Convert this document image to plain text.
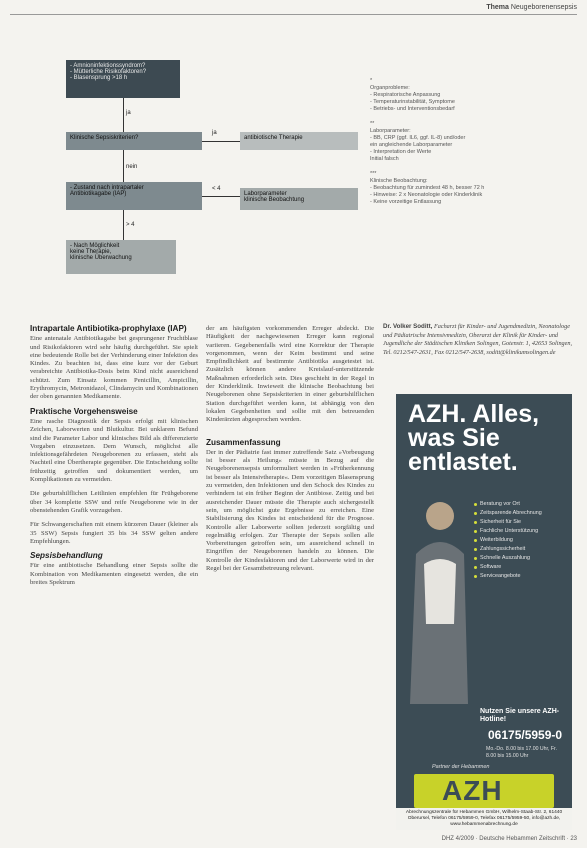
Thema Neugeborenensepsis
- Amnioninfektionssyndrom?
- Mütterliche Risikofaktoren?
- Blasensprung >18 h
ja
Klinische Sepsiskriterien?
ja
antibiotische Therapie
nein
- Zustand nach intrapartaler
Antibiotikagabe (IAP)
< 4
Laborparameter
klinische Beobachtung
> 4
- Nach Möglichkeit
keine Therapie,
klinische Überwachung
*
Organprobleme:
- Respiratorische Anpassung
- Temperaturinstabilität, Symptome
- Betriebs- und Interventionsbedarf
**
Laborparameter:
- BB, CRP (ggf. IL6, ggf. IL-8) und/oder
ein angleichende Laborparameter
- Interpretation der Werte
Initial falsch
***
Klinische Beobachtung:
- Beobachtung für zumindest 48 h, besser 72 h
- Hinweise: 2 x Neonatologie oder Kinderklinik
- Keine vorzeitige Entlassung
Intrapartale Antibiotika-prophylaxe (IAP)

Eine antenatale Antibiotikagabe bei gesprungener Fruchtblase und Risikofaktoren wird sehr häufig durchgeführt. Sie spielt eine bedeutende Rolle bei der Verhinderung einer Infektion des Kindes. Zu beachten ist, dass eine kurz vor der Geburt verabreichte Antibiotika-Dosis beim Kind nicht ausreichend schützt. Zum Einsatz kommen Penicillin, Ampicillin, Erythromycin, Metronidazol, Clindamycin und Kombinationen der oben genannten Medikamente.

Praktische Vorgehensweise

Eine rasche Diagnostik der Sepsis erfolgt mit klinischen Zeichen, Laborwerten und Blutkultur. Bei unklarem Befund sind die Parameter Labor und klinisches Bild als differenzierte Vorgaben einzusetzen. Dem Wunsch, möglichst alle infektionsgefährdeten Neugeborenen zu erfassen, steht als Nachteil eine Übertherapie gegenüber. Die Entscheidung sollte frühzeitig getroffen und dokumentiert werden, um Komplikationen zu vermeiden.

Die geburtshilflichen Leitlinien empfehlen für Frühgeborene über 34 komplette SSW und reife Neugeborene wie in der obenstehenden Grafik vorzugehen.

Für Schwangerschaften mit einem kürzeren Dauer (kleiner als 35 SSW) Sepsis fungiert 35 bis 34 SSW gelten andere Empfehlungen.

Sepsisbehandlung

Für eine antibiotische Behandlung einer Sepsis sollte die Kombination von Medikamenten eingesetzt werden, die ein breites Spektrum

der am häufigsten vorkommenden Erreger abdeckt. Die Häufigkeit der nachgewiesenen Erreger kann regional variieren. Gegebenenfalls wird eine Korrektur der Therapie vorgenommen, wenn der Keim bestimmt und seine Empfindlichkeit auf bestimmte Antibiotika ausgetestet ist. Zusätzlich können andere Kreislauf-unterstützende Maßnahmen erforderlich sein. Dies geschieht in der Regel in der Kinderklinik. Inwieweit die klinische Beobachtung bei Neugeborenen ohne Sepsiskriterien in einer geburtshilflichen Station durchgeführt werden kann, ist abhängig von den lokalen Gegebenheiten und sollte mit den betreuenden Kinderärzten abgesprochen werden.

Zusammenfassung

Der in der Pädiatrie fast immer zutreffende Satz »Vorbeugung ist besser als Heilung« müsste in Bezug auf die Neugeborenensepsis umformuliert werden in »Früherkennung ist besser als Intensivtherapie«. Dem vorzeitigen Blasensprung zu vermeiden, den Infektionen und den Schock des Kindes zu verhindern ist ein früher Beginn der Antibiose. Zeitig und bei ausreichender Dauer müsste die Therapie auch sichergestellt sein, um möglichst gute Ergebnisse zu erreichen. Eine Stabilisierung des Kindes ist entscheidend für die Prognose. Kontrolle aller Laborwerte sollten jederzeit sorgfältig und regelmäßig erfolgen. Zur Therapie der Sepsis sollen alle Vorbereitungen getroffen sein, um ausreichend schnell in Eingriffen der Neugeborenen handeln zu können. Die Kontrolle der Kindesfaktoren und der Laborwerte wird in der Regel bei der Gesamtbetreuung relevant.

Dr. Volker Soditt, Facharzt für Kinder- und Jugendmedizin, Neonatologe und Pädiatrische Intensivmedizin, Oberarzt der Klinik für Kinder- und Jugendliche der Städtischen Kliniken Solingen, Gotenstr. 1, 42653 Solingen, Tel. 0212/547-2631, Fax 0212/547-2638, soditt@klinikumsolingen.de
AZH. Alles, was Sie entlastet.
Beratung vor Ort
Zeitsparende Abrechnung
Sicherheit für Sie
Fachliche Unterstützung
Weiterbildung
Zahlungssicherheit
Schnelle Auszahlung
Software
Serviceangebote
Nutzen Sie unsere AZH-Hotline!
06175/5959-0
Mo.-Do. 8.00 bis 17.00 Uhr, Fr. 8.00 bis 15.00 Uhr
Partner der Hebammen
AZH
Abrechnungszentrale für Hebammen GmbH, Wilhelm-Staab-Str. 2, 61440 Oberursel, Telefon 06175/5959-0, Telefax 06175/5959-50, info@azh.de, www.hebammenabrechnung.de
DHZ 4/2009 · Deutsche Hebammen Zeitschrift · 23
